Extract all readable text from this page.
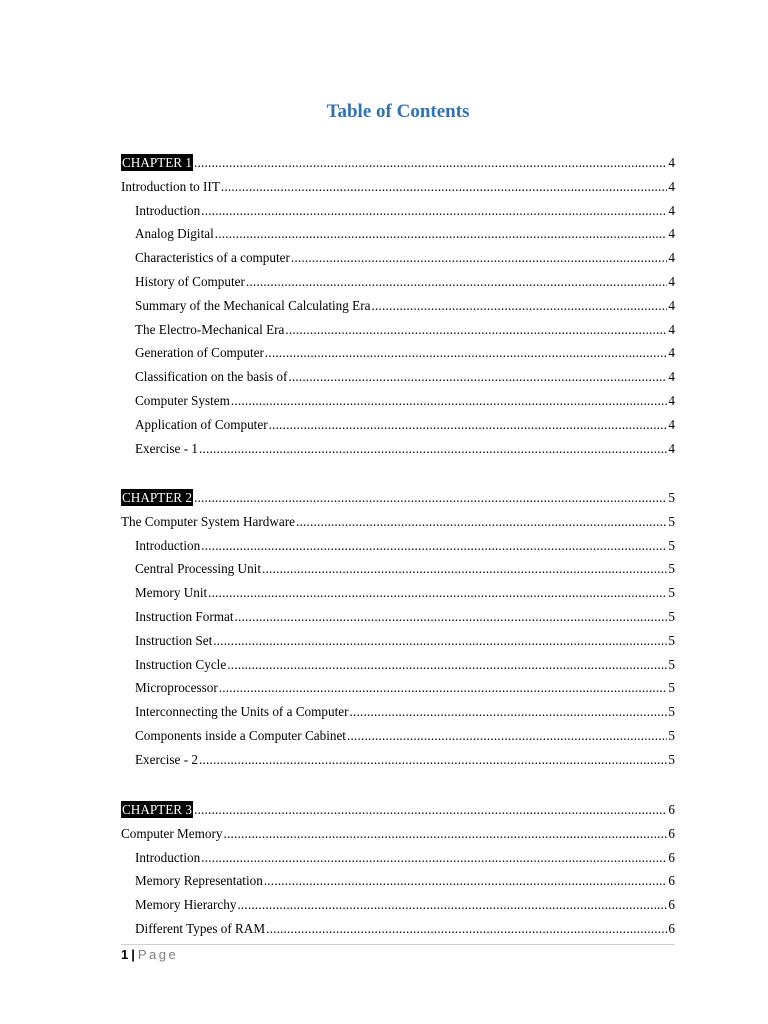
Table of Contents
CHAPTER 1 .....	4
Introduction to IIT .....	4
Introduction .....	4
Analog Digital .....	4
Characteristics of a computer .....	4
History of Computer .....	4
Summary of the Mechanical Calculating Era .....	4
The Electro-Mechanical Era .....	4
Generation of Computer .....	4
Classification on the basis of .....	4
Computer System .....	4
Application of Computer .....	4
Exercise - 1 .....	4
CHAPTER 2 .....	5
The Computer System Hardware .....	5
Introduction .....	5
Central Processing Unit .....	5
Memory Unit .....	5
Instruction Format .....	5
Instruction Set .....	5
Instruction Cycle .....	5
Microprocessor .....	5
Interconnecting the Units of a Computer .....	5
Components inside a Computer Cabinet .....	5
Exercise - 2 .....	5
CHAPTER 3 .....	6
Computer Memory .....	6
Introduction .....	6
Memory Representation .....	6
Memory Hierarchy .....	6
Different Types of RAM .....	6
1 | Page
